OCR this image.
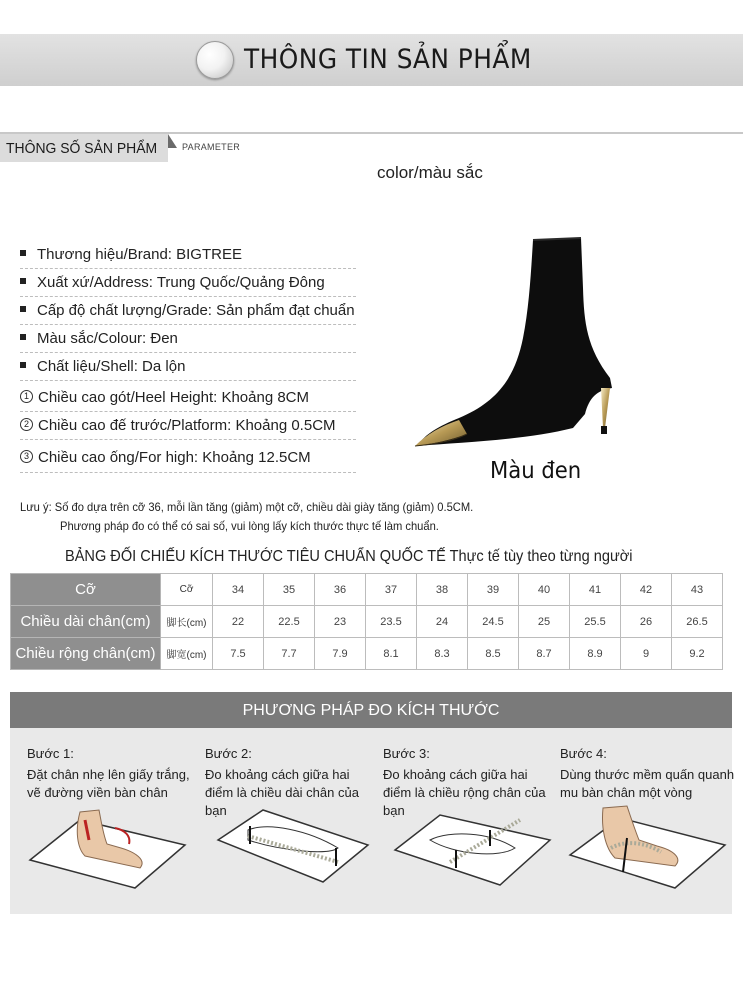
THÔNG TIN SẢN PHẨM
THÔNG SỐ SẢN PHẨM	PARAMETER
color/màu sắc
Thương hiệu/Brand: BIGTREE
Xuất xứ/Address: Trung Quốc/Quảng Đông
Cấp độ chất lượng/Grade: Sản phẩm đạt chuẩn
Màu sắc/Colour: Đen
Chất liệu/Shell: Da lộn
1 Chiều cao gót/Heel Height: Khoảng 8CM
2 Chiều cao đế trước/Platform: Khoảng 0.5CM
3 Chiều cao ống/For high: Khoảng 12.5CM
Màu đen
Lưu ý: Số đo dựa trên cỡ 36, mỗi lần tăng (giảm) một cỡ, chiều dài giày tăng (giảm) 0.5CM.
Phương pháp đo có thể có sai số, vui lòng lấy kích thước thực tế làm chuẩn.
BẢNG ĐỐI CHIẾU KÍCH THƯỚC TIÊU CHUẨN QUỐC TẾ Thực tế tùy theo từng người
Cỡ	Cỡ	34	35	36	37	38	39	40	41	42	43
Chiều dài chân(cm)	脚长(cm)	22	22.5	23	23.5	24	24.5	25	25.5	26	26.5
Chiều rộng chân(cm)	脚宽(cm)	7.5	7.7	7.9	8.1	8.3	8.5	8.7	8.9	9	9.2
PHƯƠNG PHÁP ĐO KÍCH THƯỚC
Bước 1:
Đặt chân nhẹ lên giấy trắng, vẽ đường viền bàn chân
Bước 2:
Đo khoảng cách giữa hai điểm là chiều dài chân của bạn
Bước 3:
Đo khoảng cách giữa hai điểm là chiều rộng chân của bạn
Bước 4:
Dùng thước mềm quấn quanh mu bàn chân một vòng
